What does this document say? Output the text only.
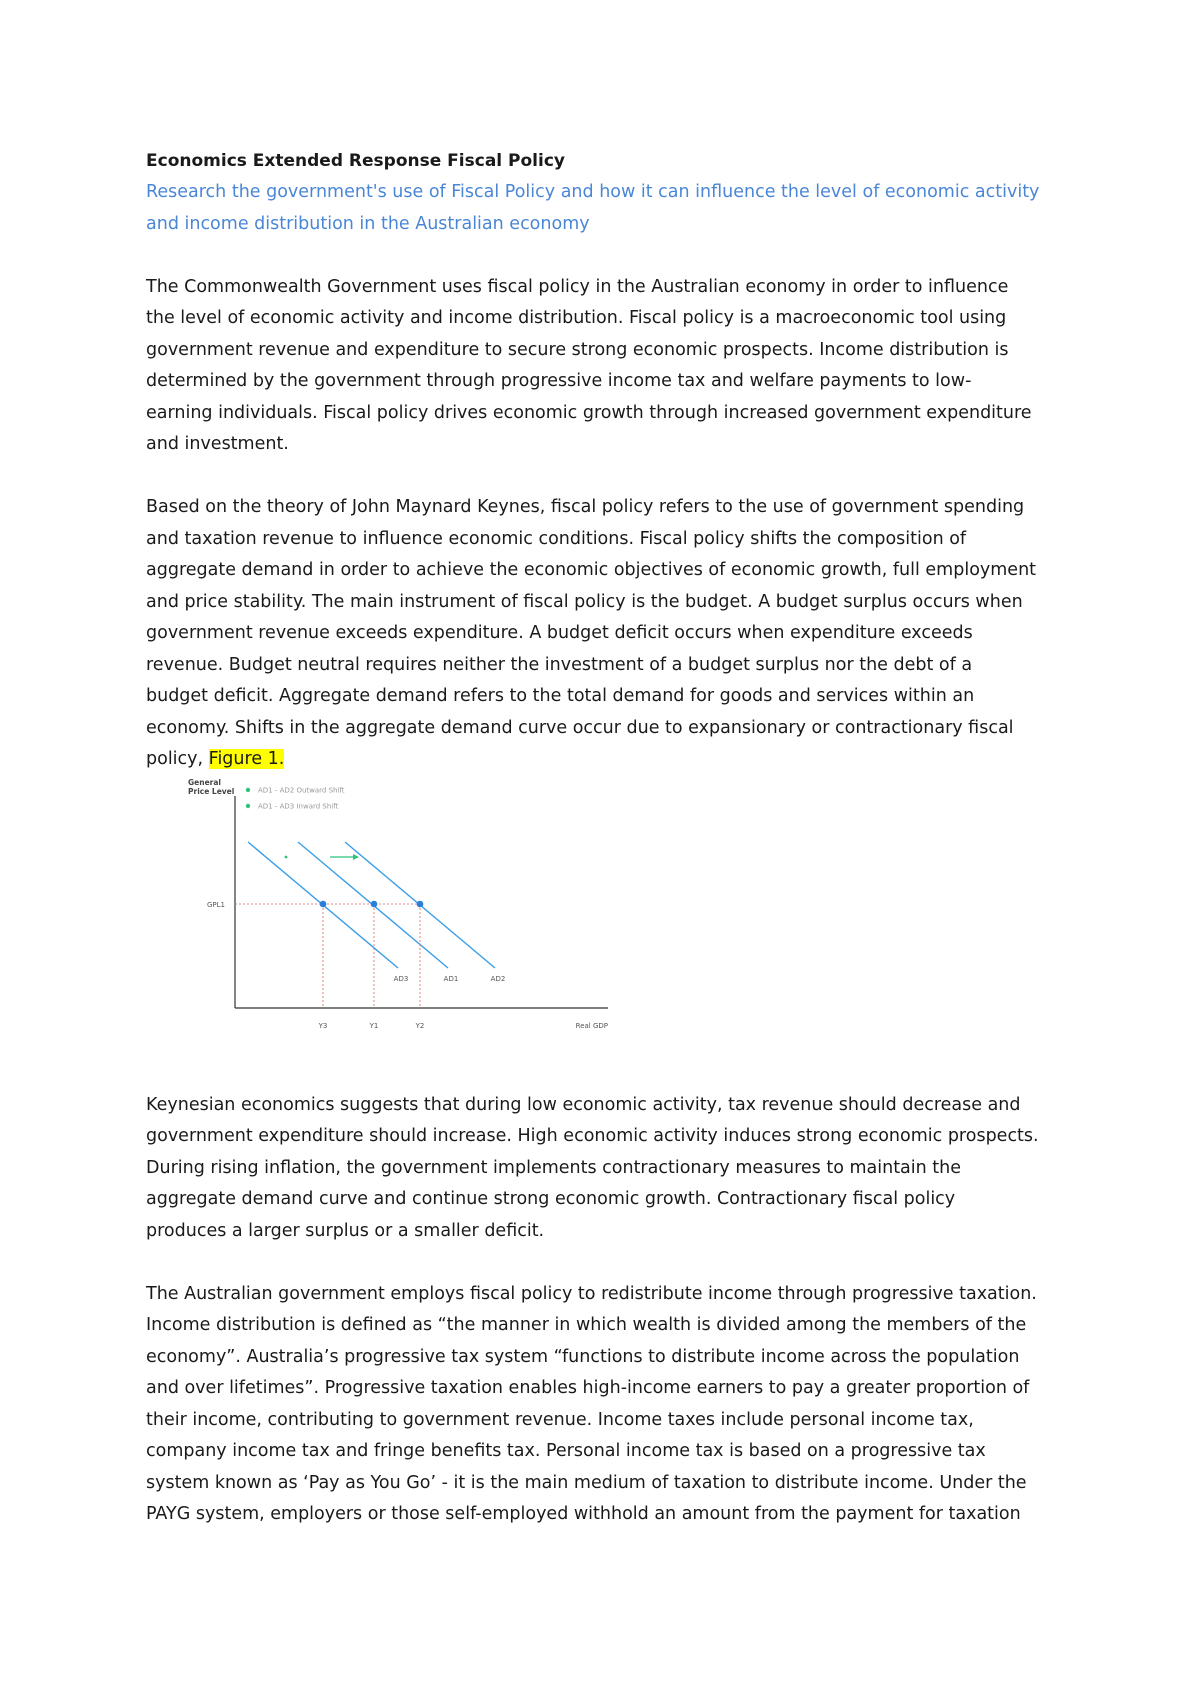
Economics Extended Response Fiscal Policy

Research the government's use of Fiscal Policy and how it can influence the level of economic activity
and income distribution in the Australian economy

The Commonwealth Government uses fiscal policy in the Australian economy in order to influence
the level of economic activity and income distribution. Fiscal policy is a macroeconomic tool using
government revenue and expenditure to secure strong economic prospects. Income distribution is
determined by the government through progressive income tax and welfare payments to low-
earning individuals. Fiscal policy drives economic growth through increased government expenditure
and investment.

Based on the theory of John Maynard Keynes, fiscal policy refers to the use of government spending
and taxation revenue to influence economic conditions. Fiscal policy shifts the composition of
aggregate demand in order to achieve the economic objectives of economic growth, full employment
and price stability. The main instrument of fiscal policy is the budget. A budget surplus occurs when
government revenue exceeds expenditure. A budget deficit occurs when expenditure exceeds
revenue. Budget neutral requires neither the investment of a budget surplus nor the debt of a
budget deficit. Aggregate demand refers to the total demand for goods and services within an
economy. Shifts in the aggregate demand curve occur due to expansionary or contractionary fiscal
policy, Figure 1.

General
Price Level
Real GDP
AD1 - AD2 Outward Shift
AD1 - AD3 Inward Shift
GPL1
AD3	AD1	AD2
Y3	Y1	Y2

Keynesian economics suggests that during low economic activity, tax revenue should decrease and
government expenditure should increase. High economic activity induces strong economic prospects.
During rising inflation, the government implements contractionary measures to maintain the
aggregate demand curve and continue strong economic growth. Contractionary fiscal policy
produces a larger surplus or a smaller deficit.

The Australian government employs fiscal policy to redistribute income through progressive taxation.
Income distribution is defined as “the manner in which wealth is divided among the members of the
economy”. Australia’s progressive tax system “functions to distribute income across the population
and over lifetimes”. Progressive taxation enables high-income earners to pay a greater proportion of
their income, contributing to government revenue. Income taxes include personal income tax,
company income tax and fringe benefits tax. Personal income tax is based on a progressive tax
system known as ‘Pay as You Go’ - it is the main medium of taxation to distribute income. Under the
PAYG system, employers or those self-employed withhold an amount from the payment for taxation
